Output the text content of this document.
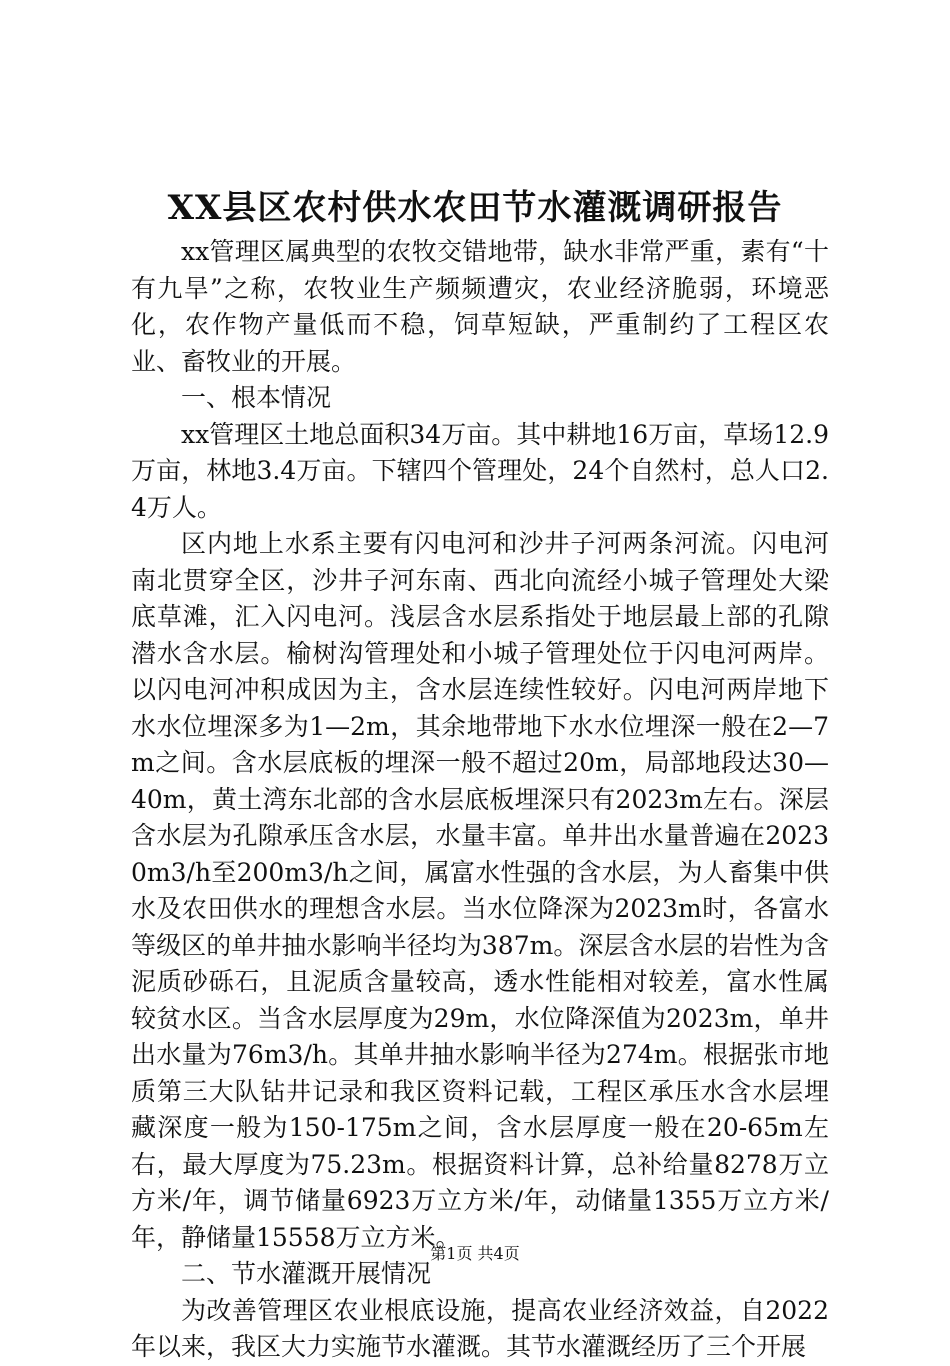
XX县区农村供水农田节水灌溉调研报告

xx管理区属典型的农牧交错地带，缺水非常严重，素有“十有九旱”之称，农牧业生产频频遭灾，农业经济脆弱，环境恶化，农作物产量低而不稳，饲草短缺，严重制约了工程区农业、畜牧业的开展。

一、根本情况

xx管理区土地总面积34万亩。其中耕地16万亩，草场12.9万亩，林地3.4万亩。下辖四个管理处，24个自然村，总人口2.4万人。

区内地上水系主要有闪电河和沙井子河两条河流。闪电河南北贯穿全区，沙井子河东南、西北向流经小城子管理处大梁底草滩，汇入闪电河。浅层含水层系指处于地层最上部的孔隙潜水含水层。榆树沟管理处和小城子管理处位于闪电河两岸。以闪电河冲积成因为主，含水层连续性较好。闪电河两岸地下水水位埋深多为1—2m，其余地带地下水水位埋深一般在2—7m之间。含水层底板的埋深一般不超过20m，局部地段达30—40m，黄土湾东北部的含水层底板埋深只有2023m左右。深层含水层为孔隙承压含水层，水量丰富。单井出水量普遍在20230m3/h至200m3/h之间，属富水性强的含水层，为人畜集中供水及农田供水的理想含水层。当水位降深为2023m时，各富水等级区的单井抽水影响半径均为387m。深层含水层的岩性为含泥质砂砾石，且泥质含量较高，透水性能相对较差，富水性属较贫水区。当含水层厚度为29m，水位降深值为2023m，单井出水量为76m3/h。其单井抽水影响半径为274m。根据张市地质第三大队钻井记录和我区资料记载，工程区承压水含水层埋藏深度一般为150-175m之间，含水层厚度一般在20-65m左右，最大厚度为75.23m。根据资料计算，总补给量8278万立方米/年，调节储量6923万立方米/年，动储量1355万立方米/年，静储量15558万立方米。

二、节水灌溉开展情况

为改善管理区农业根底设施，提高农业经济效益，自2022年以来，我区大力实施节水灌溉。其节水灌溉经历了三个开展

第1页 共4页
